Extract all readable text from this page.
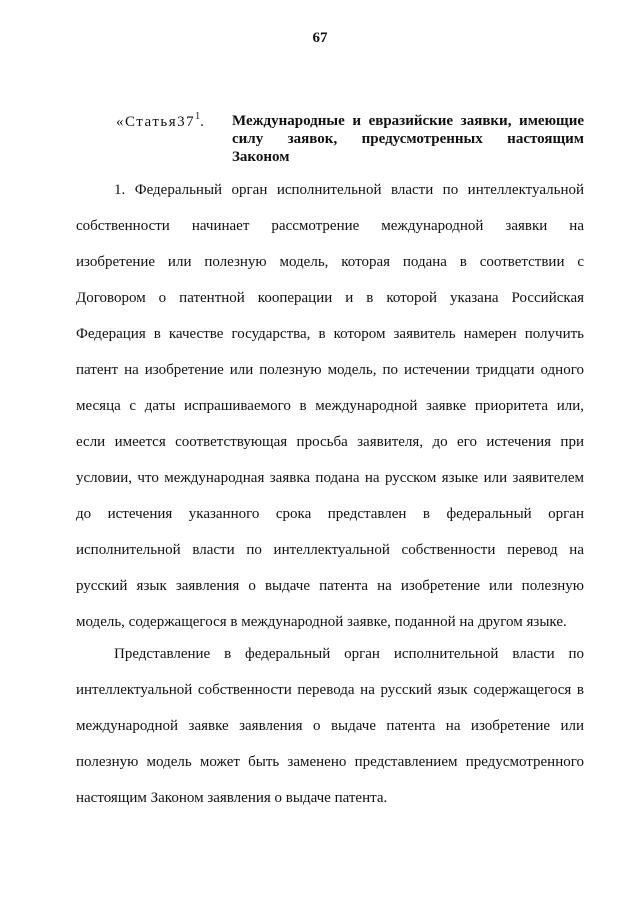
67
«$Статья37^1$. Международные и евразийские заявки, имеющие
силу заявок, предусмотренных настоящим
Законом
1. Федеральный орган исполнительной власти по интеллектуальной
собственности начинает рассмотрение международной заявки на
изобретение или полезную модель, которая подана в соответствии с
Договором о патентной кооперации и в которой указана Российская
Федерация в качестве государства, в котором заявитель намерен получить
патент на изобретение или полезную модель, по истечении тридцати одного
месяца с даты испрашиваемого в международной заявке приоритета или,
если имеется соответствующая просьба заявителя, до его истечения при
условии, что международная заявка подана на русском языке или заявителем
до истечения указанного срока представлен в федеральный орган
исполнительной власти по интеллектуальной собственности перевод на
русский язык заявления о выдаче патента на изобретение или полезную
модель, содержащегося в международной заявке, поданной на другом языке.
Представление в федеральный орган исполнительной власти по
интеллектуальной собственности перевода на русский язык содержащегося в
международной заявке заявления о выдаче патента на изобретение или
полезную модель может быть заменено представлением предусмотренного
настоящим Законом заявления о выдаче патента.
